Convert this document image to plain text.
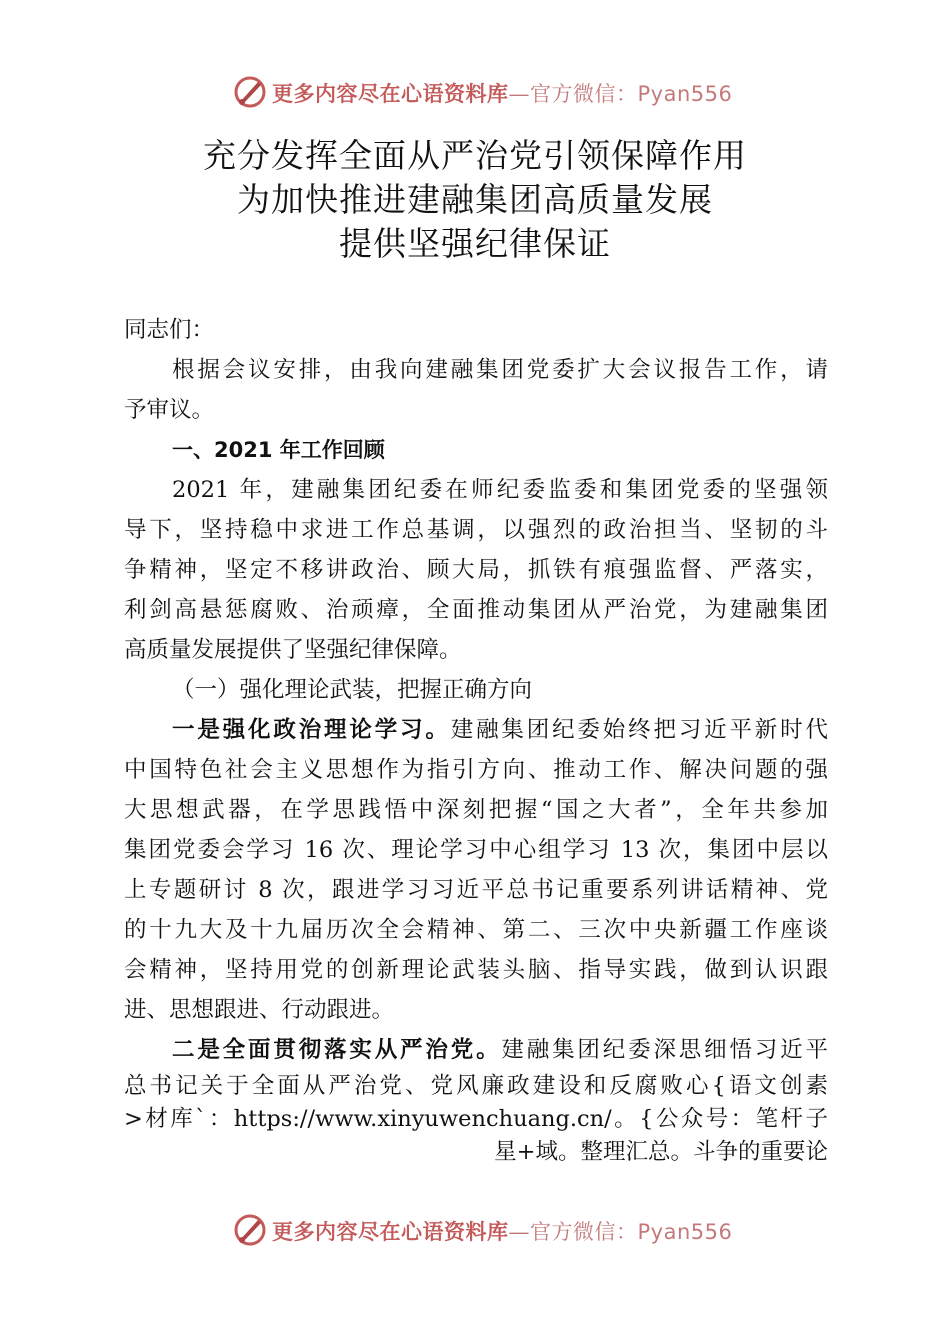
更多内容尽在心语资料库—官方微信：Pyan556
充分发挥全面从严治党引领保障作用
为加快推进建融集团高质量发展
提供坚强纪律保证
同志们：
根据会议安排，由我向建融集团党委扩大会议报告工作，请
予审议。
一、2021 年工作回顾
2021 年，建融集团纪委在师纪委监委和集团党委的坚强领
导下，坚持稳中求进工作总基调，以强烈的政治担当、坚韧的斗
争精神，坚定不移讲政治、顾大局，抓铁有痕强监督、严落实，
利剑高悬惩腐败、治顽瘴，全面推动集团从严治党，为建融集团
高质量发展提供了坚强纪律保障。
（一）强化理论武装，把握正确方向
一是强化政治理论学习。建融集团纪委始终把习近平新时代
中国特色社会主义思想作为指引方向、推动工作、解决问题的强
大思想武器，在学思践悟中深刻把握“国之大者”，全年共参加
集团党委会学习 16 次、理论学习中心组学习 13 次，集团中层以
上专题研讨 8 次，跟进学习习近平总书记重要系列讲话精神、党
的十九大及十九届历次全会精神、第二、三次中央新疆工作座谈
会精神，坚持用党的创新理论武装头脑、指导实践，做到认识跟
进、思想跟进、行动跟进。
二是全面贯彻落实从严治党。建融集团纪委深思细悟习近平
总书记关于全面从严治党、党风廉政建设和反腐败心{语文创素
>材库`：https://www.xinyuwenchuang.cn/。{公众号：笔杆子
星+域。整理汇总。斗争的重要论
更多内容尽在心语资料库—官方微信：Pyan556
